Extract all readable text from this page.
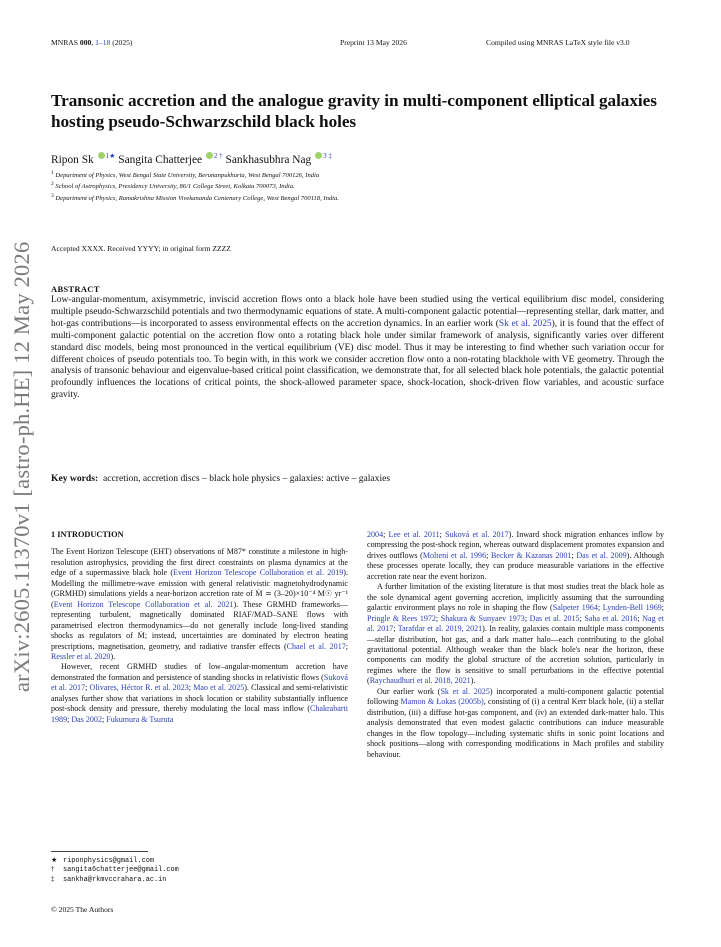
MNRAS 000, 1–18 (2025)	Preprint 13 May 2026	Compiled using MNRAS LaTeX style file v3.0
arXiv:2605.11370v1 [astro-ph.HE] 12 May 2026
Transonic accretion and the analogue gravity in multi-component elliptical galaxies hosting pseudo-Schwarzschild black holes
Ripon Sk $^{1★}$ Sangita Chatterjee $^{2 \dagger}$ Sankhasubhra Nag $^{3 \ddagger}$
$^1$ Department of Physics, West Bengal State University, Berunanpukhuria, West Bengal 700126, India
$^2$ School of Astrophysics, Presidency University, 86/1 College Street, Kolkata 700073, India.
$^3$ Department of Physics, Ramakrishna Mission Vivekananda Centenary College, West Bengal 700118, India.
Accepted XXXX. Received YYYY; in original form ZZZZ
ABSTRACT
Low-angular-momentum, axisymmetric, inviscid accretion flows onto a black hole have been studied using the vertical equilibrium disc model, considering multiple pseudo-Schwarzschild potentials and two thermodynamic equations of state. A multi-component galactic potential—representing stellar, dark matter, and hot-gas contributions—is incorporated to assess environmental effects on the accretion dynamics. In an earlier work (Sk et al. 2025), it is found that the effect of multi-component galactic potential on the accretion flow onto a rotating black hole under similar framework of analysis, significantly varies over different standard disc models, being most pronounced in the vertical equilibrium (VE) disc model. Thus it may be interesting to find whether such variation occur for different choices of pseudo potentials too. To begin with, in this work we consider accretion flow onto a non-rotating blackhole with VE geometry. Through the analysis of transonic behaviour and eigenvalue-based critical point classification, we demonstrate that, for all selected black hole potentials, the galactic potential profoundly influences the locations of critical points, the shock-allowed parameter space, shock-location, shock-driven flow variables, and acoustic surface gravity.
Key words: accretion, accretion discs – black hole physics – galaxies: active – galaxies
1 INTRODUCTION

The Event Horizon Telescope (EHT) observations of M87* constitute a milestone in high-resolution astrophysics, providing the first direct constraints on plasma dynamics at the edge of a supermassive black hole (Event Horizon Telescope Collaboration et al. 2019). Modelling the millimetre-wave emission with general relativistic magnetohydrodynamic (GRMHD) simulations yields a near-horizon accretion rate of Ṁ ≃ (3–20)×10⁻⁴ M☉ yr⁻¹ (Event Horizon Telescope Collaboration et al. 2021). These GRMHD frameworks—representing turbulent, magnetically dominated RIAF/MAD–SANE flows with parametrised electron thermodynamics—do not generally include long-lived standing shocks as regulators of Ṁ; instead, uncertainties are dominated by electron heating prescriptions, magnetisation, geometry, and radiative transfer effects (Chael et al. 2017; Ressler et al. 2020).

However, recent GRMHD studies of low–angular-momentum accretion have demonstrated the formation and persistence of standing shocks in relativistic flows (Suková et al. 2017; Olivares, Héctor R. et al. 2023; Mao et al. 2025). Classical and semi-relativistic analyses further show that variations in shock location or stability substantially influence post-shock density and pressure, thereby modulating the local mass inflow (Chakrabarti 1989; Das 2002; Fukumura & Tsuruta

2004; Lee et al. 2011; Suková et al. 2017). Inward shock migration enhances inflow by compressing the post-shock region, whereas outward displacement promotes expansion and drives outflows (Molteni et al. 1996; Becker & Kazanas 2001; Das et al. 2009). Although these processes operate locally, they can produce measurable variations in the effective accretion rate near the event horizon.

A further limitation of the existing literature is that most studies treat the black hole as the sole dynamical agent governing accretion, implicitly assuming that the surrounding galactic environment plays no role in shaping the flow (Salpeter 1964; Lynden-Bell 1969; Pringle & Rees 1972; Shakura & Sunyaev 1973; Das et al. 2015; Saha et al. 2016; Nag et al. 2017; Tarafdar et al. 2019, 2021). In reality, galaxies contain multiple mass components—stellar distribution, hot gas, and a dark matter halo—each contributing to the global gravitational potential. Although weaker than the black hole's near the horizon, these components can modify the global structure of the accretion solution, particularly in regimes where the flow is sensitive to small perturbations in the effective potential (Raychaudhuri et al. 2018, 2021).

Our earlier work (Sk et al. 2025) incorporated a multi-component galactic potential following Mamon & Łokas (2005b), consisting of (i) a central Kerr black hole, (ii) a stellar distribution, (iii) a diffuse hot-gas component, and (iv) an extended dark-matter halo. This analysis demonstrated that even modest galactic contributions can induce measurable changes in the flow topology—including systematic shifts in sonic point locations and shock positions—along with corresponding modifications in Mach profiles and stability behaviour.

★ riponphysics@gmail.com
† sangita6chatterjee@gmail.com
‡ sankha@rkmvccrahara.ac.in
© 2025 The Authors
